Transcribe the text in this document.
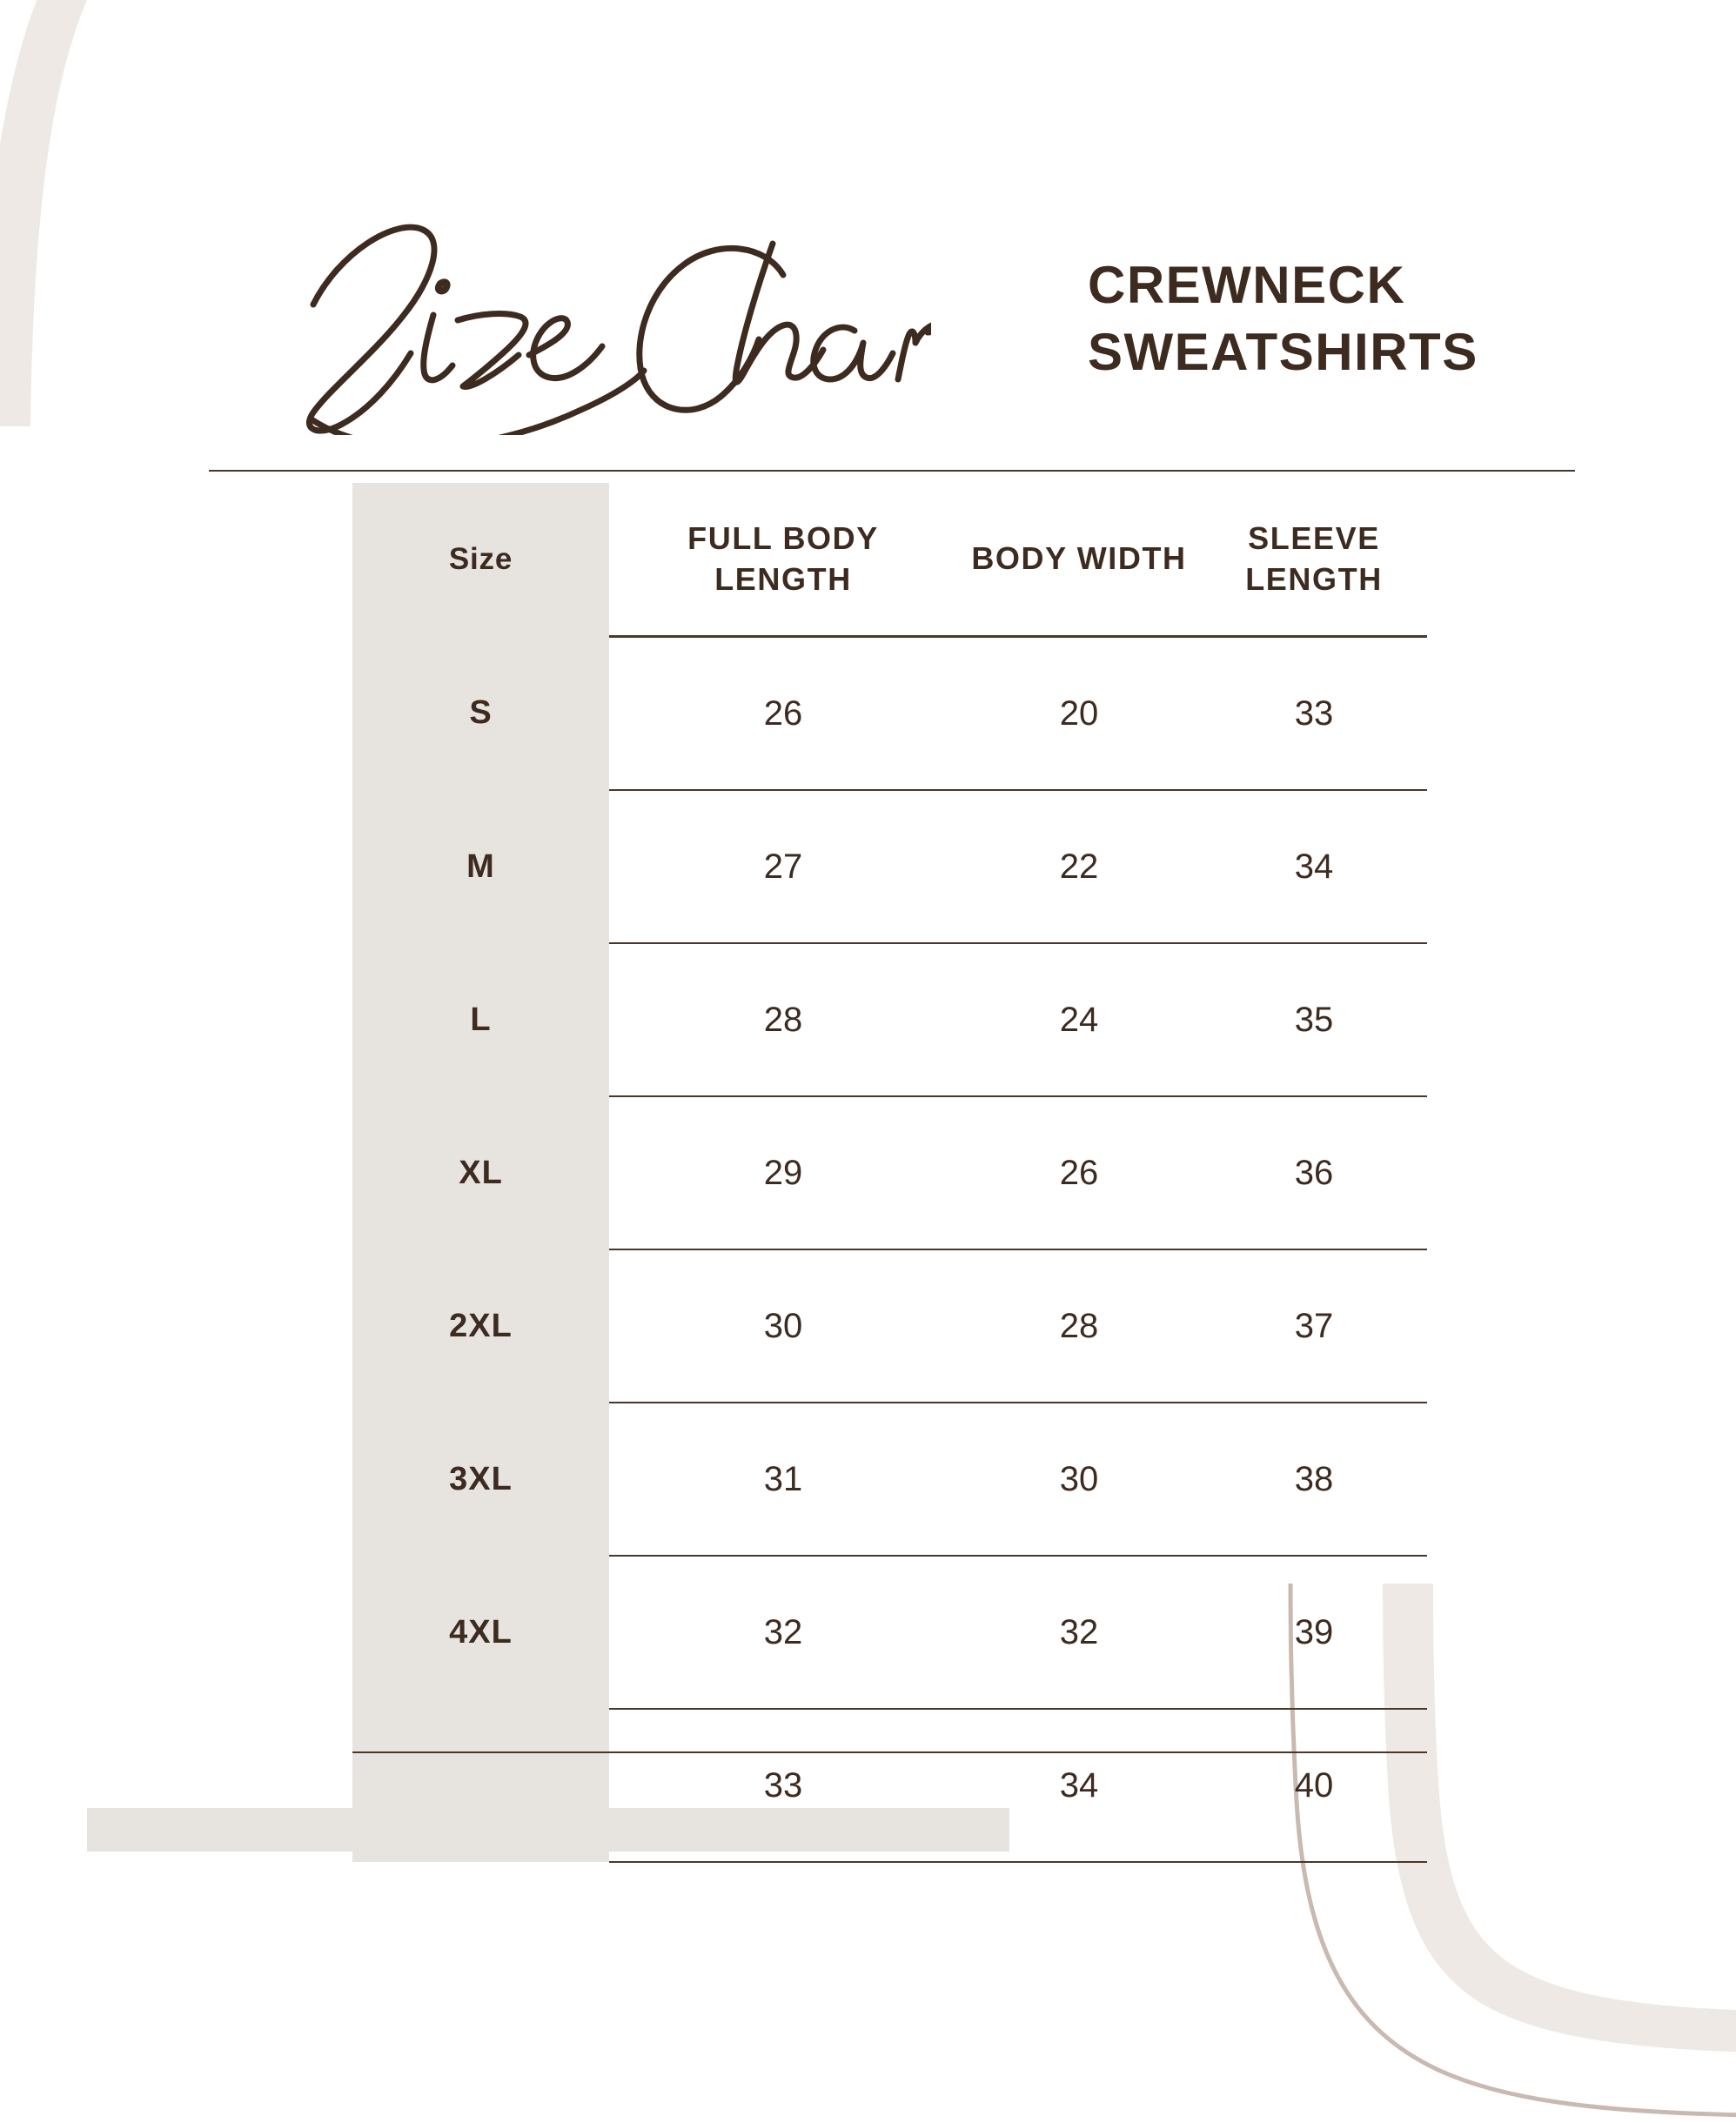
CREWNECK SWEATSHIRTS
Size	FULL BODY LENGTH	BODY WIDTH	SLEEVE LENGTH
S	26	20	33
M	27	22	34
L	28	24	35
XL	29	26	36
2XL	30	28	37
3XL	31	30	38
4XL	32	32	39
	33	34	40
